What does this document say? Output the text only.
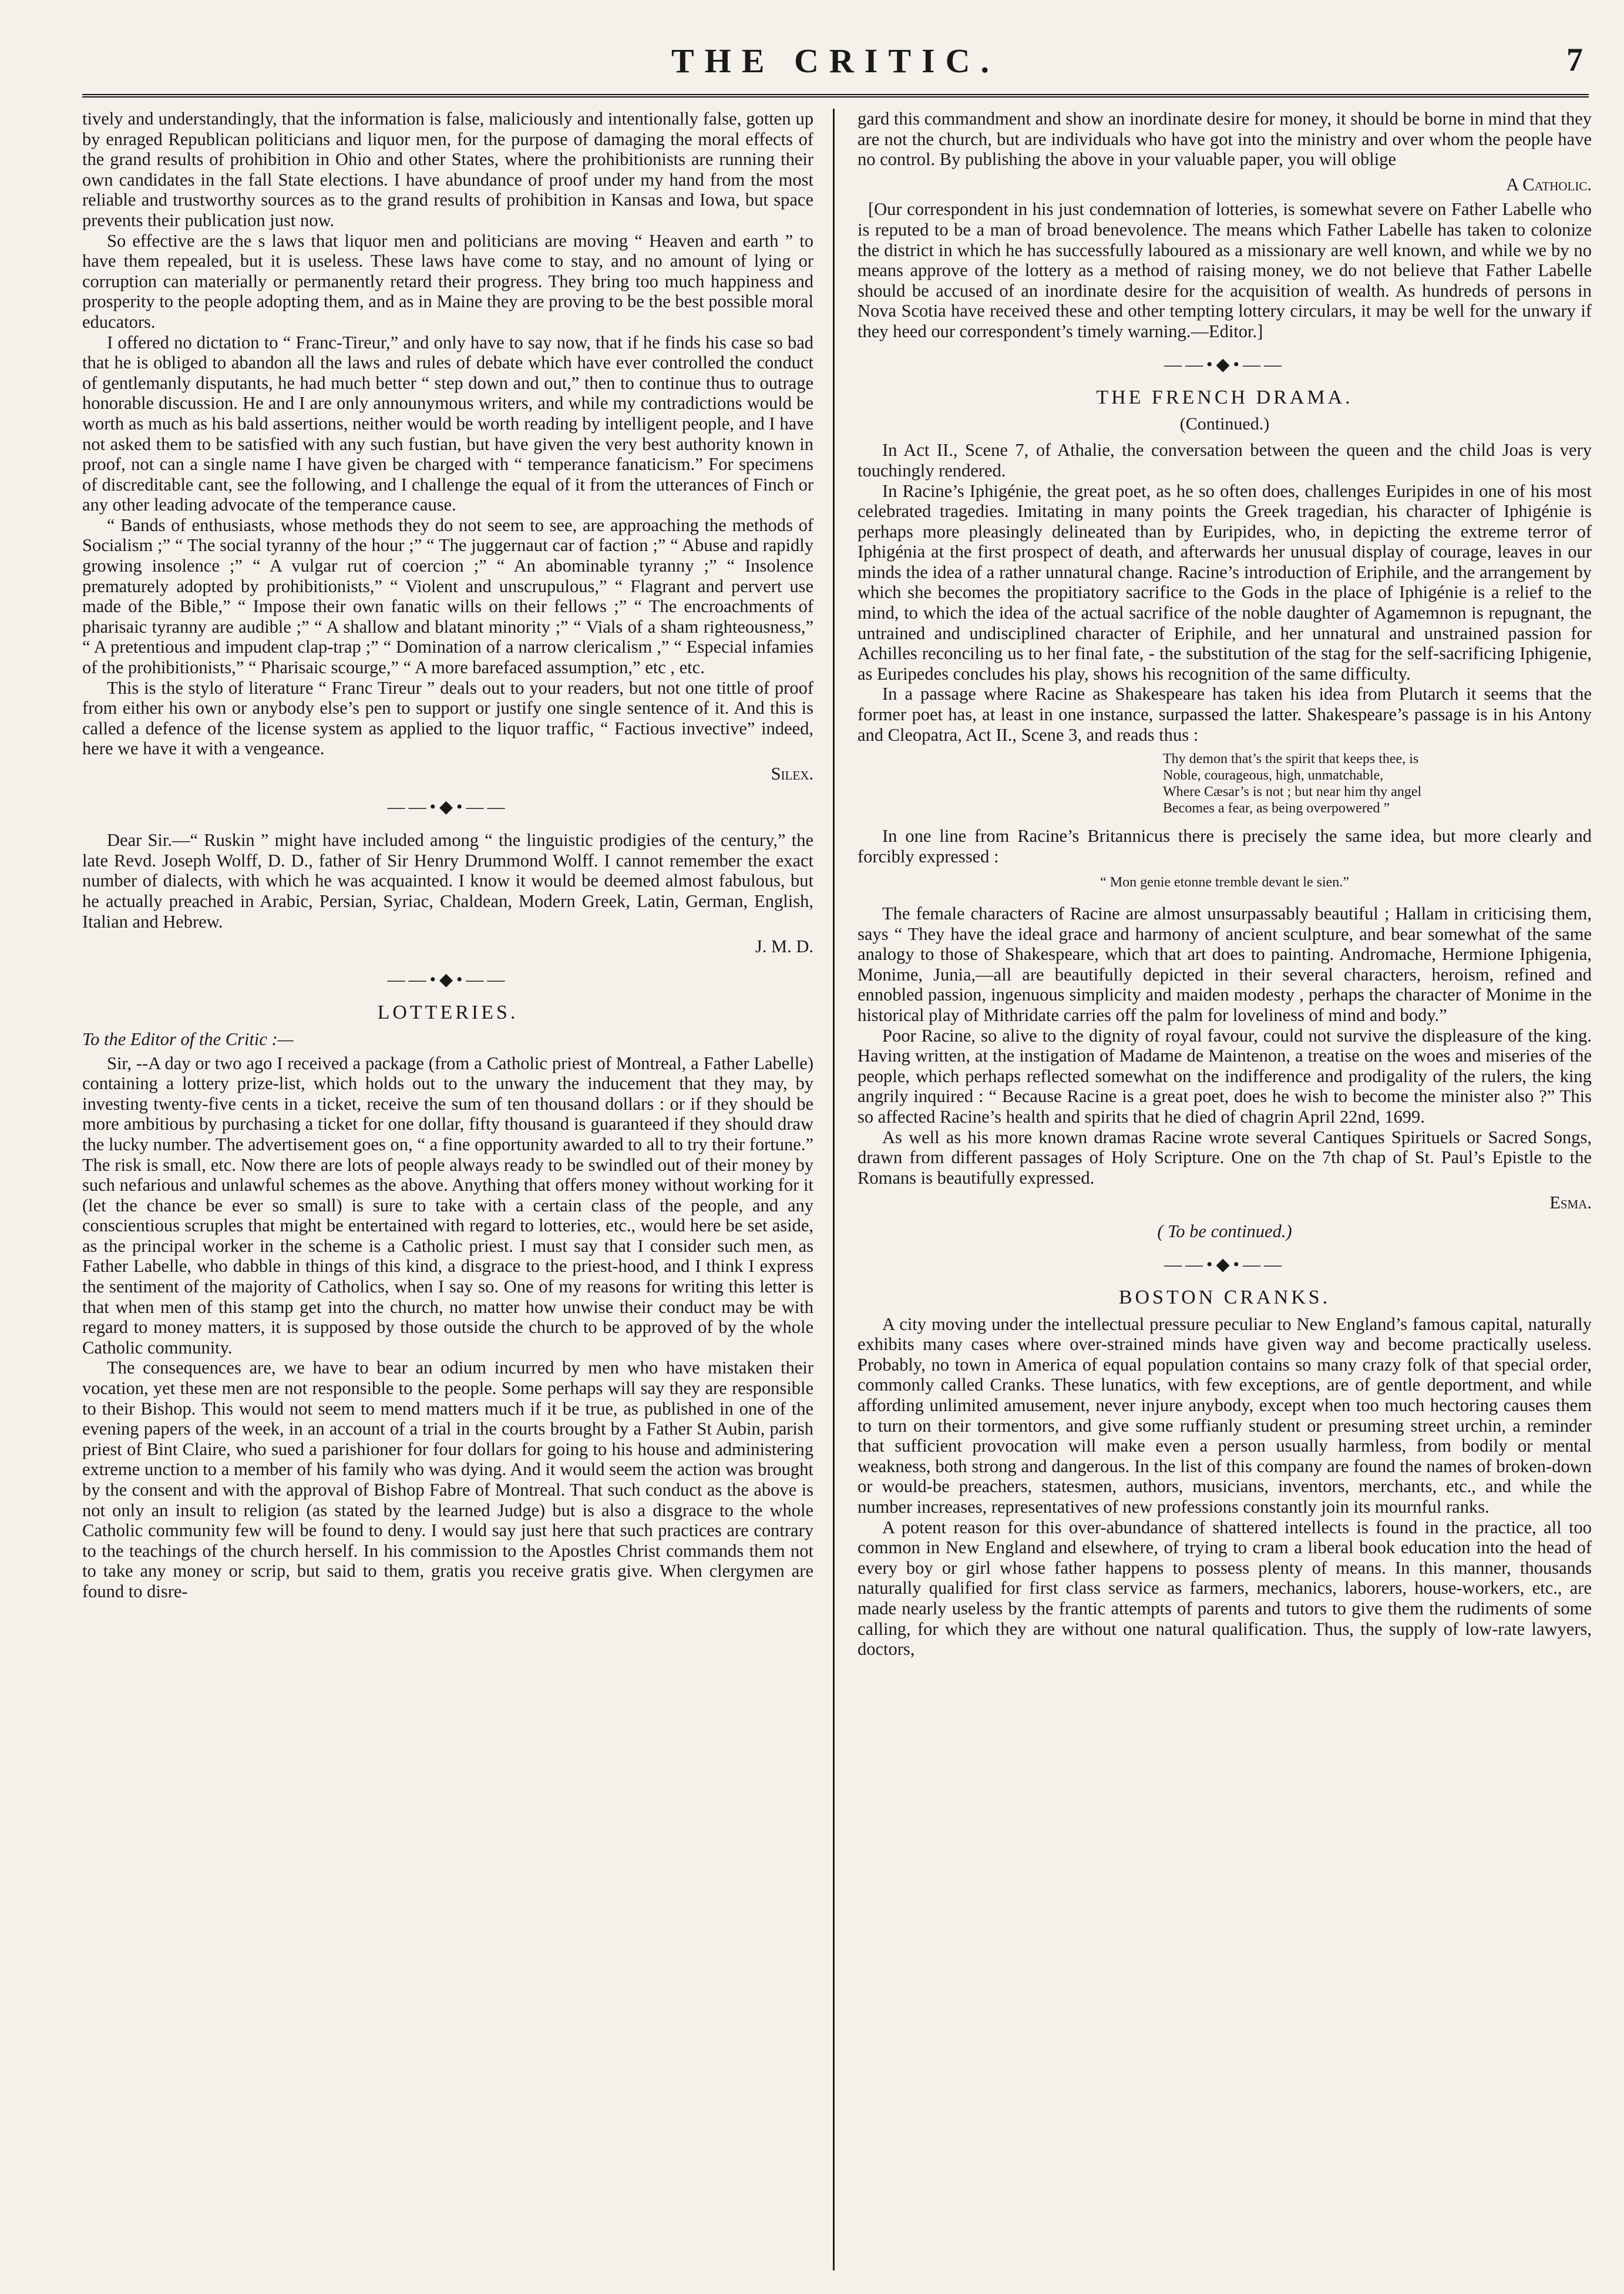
THE CRITIC.	7

tively and understandingly, that the information is false, maliciously and intentionally false, gotten up by enraged Republican politicians and liquor men, for the purpose of damaging the moral effects of the grand results of prohibition in Ohio and other States, where the prohibitionists are running their own candidates in the fall State elections. I have abundance of proof under my hand from the most reliable and trustworthy sources as to the grand results of prohibition in Kansas and Iowa, but space prevents their publication just now.

So effective are the s laws that liquor men and politicians are moving “ Heaven and earth ” to have them repealed, but it is useless. These laws have come to stay, and no amount of lying or corruption can materially or permanently retard their progress. They bring too much happiness and prosperity to the people adopting them, and as in Maine they are proving to be the best possible moral educators.

I offered no dictation to “ Franc-Tireur,” and only have to say now, that if he finds his case so bad that he is obliged to abandon all the laws and rules of debate which have ever controlled the conduct of gentlemanly disputants, he had much better “ step down and out,” then to continue thus to outrage honorable discussion. He and I are only announymous writers, and while my contradictions would be worth as much as his bald assertions, neither would be worth reading by intelligent people, and I have not asked them to be satisfied with any such fustian, but have given the very best authority known in proof, not can a single name I have given be charged with “ temperance fanaticism.” For specimens of discreditable cant, see the following, and I challenge the equal of it from the utterances of Finch or any other leading advocate of the temperance cause.

“ Bands of enthusiasts, whose methods they do not seem to see, are approaching the methods of Socialism ;” “ The social tyranny of the hour ;” “ The juggernaut car of faction ;” “ Abuse and rapidly growing insolence ;” “ A vulgar rut of coercion ;” “ An abominable tyranny ;” “ Insolence prematurely adopted by prohibitionists,” “ Violent and unscrupulous,” “ Flagrant and pervert use made of the Bible,” “ Impose their own fanatic wills on their fellows ;” “ The encroachments of pharisaic tyranny are audible ;” “ A shallow and blatant minority ;” “ Vials of a sham righteousness,” “ A pretentious and impudent clap-trap ;” “ Domination of a narrow clericalism ,” “ Especial infamies of the prohibitionists,” “ Pharisaic scourge,” “ A more barefaced assumption,” etc , etc.

This is the stylo of literature “ Franc Tireur ” deals out to your readers, but not one tittle of proof from either his own or anybody else’s pen to support or justify one single sentence of it. And this is called a defence of the license system as applied to the liquor traffic, “ Factious invective” indeed, here we have it with a vengeance.

Silex.
——•◆•——

Dear Sir.—“ Ruskin ” might have included among “ the linguistic prodigies of the century,” the late Revd. Joseph Wolff, D. D., father of Sir Henry Drummond Wolff. I cannot remember the exact number of dialects, with which he was acquainted. I know it would be deemed almost fabulous, but he actually preached in Arabic, Persian, Syriac, Chaldean, Modern Greek, Latin, German, English, Italian and Hebrew.

J. M. D.
——•◆•——
LOTTERIES.

To the Editor of the Critic :—

Sir, --A day or two ago I received a package (from a Catholic priest of Montreal, a Father Labelle) containing a lottery prize-list, which holds out to the unwary the inducement that they may, by investing twenty-five cents in a ticket, receive the sum of ten thousand dollars : or if they should be more ambitious by purchasing a ticket for one dollar, fifty thousand is guaranteed if they should draw the lucky number. The advertisement goes on, “ a fine opportunity awarded to all to try their fortune.” The risk is small, etc. Now there are lots of people always ready to be swindled out of their money by such nefarious and unlawful schemes as the above. Anything that offers money without working for it (let the chance be ever so small) is sure to take with a certain class of the people, and any conscientious scruples that might be entertained with regard to lotteries, etc., would here be set aside, as the principal worker in the scheme is a Catholic priest. I must say that I consider such men, as Father Labelle, who dabble in things of this kind, a disgrace to the priest-hood, and I think I express the sentiment of the majority of Catholics, when I say so. One of my reasons for writing this letter is that when men of this stamp get into the church, no matter how unwise their conduct may be with regard to money matters, it is supposed by those outside the church to be approved of by the whole Catholic community.

The consequences are, we have to bear an odium incurred by men who have mistaken their vocation, yet these men are not responsible to the people. Some perhaps will say they are responsible to their Bishop. This would not seem to mend matters much if it be true, as published in one of the evening papers of the week, in an account of a trial in the courts brought by a Father St Aubin, parish priest of Bint Claire, who sued a parishioner for four dollars for going to his house and administering extreme unction to a member of his family who was dying. And it would seem the action was brought by the consent and with the approval of Bishop Fabre of Montreal. That such conduct as the above is not only an insult to religion (as stated by the learned Judge) but is also a disgrace to the whole Catholic community few will be found to deny. I would say just here that such practices are contrary to the teachings of the church herself. In his commission to the Apostles Christ commands them not to take any money or scrip, but said to them, gratis you receive gratis give. When clergymen are found to disre-

gard this commandment and show an inordinate desire for money, it should be borne in mind that they are not the church, but are individuals who have got into the ministry and over whom the people have no control. By publishing the above in your valuable paper, you will oblige

A Catholic.

[Our correspondent in his just condemnation of lotteries, is somewhat severe on Father Labelle who is reputed to be a man of broad benevolence. The means which Father Labelle has taken to colonize the district in which he has successfully laboured as a missionary are well known, and while we by no means approve of the lottery as a method of raising money, we do not believe that Father Labelle should be accused of an inordinate desire for the acquisition of wealth. As hundreds of persons in Nova Scotia have received these and other tempting lottery circulars, it may be well for the unwary if they heed our correspondent’s timely warning.—Editor.]

——•◆•——
THE FRENCH DRAMA.
(Continued.)

In Act II., Scene 7, of Athalie, the conversation between the queen and the child Joas is very touchingly rendered.

In Racine’s Iphigénie, the great poet, as he so often does, challenges Euripides in one of his most celebrated tragedies. Imitating in many points the Greek tragedian, his character of Iphigénie is perhaps more pleasingly delineated than by Euripides, who, in depicting the extreme terror of Iphigénia at the first prospect of death, and afterwards her unusual display of courage, leaves in our minds the idea of a rather unnatural change. Racine’s introduction of Eriphile, and the arrangement by which she becomes the propitiatory sacrifice to the Gods in the place of Iphigénie is a relief to the mind, to which the idea of the actual sacrifice of the noble daughter of Agamemnon is repugnant, the untrained and undisciplined character of Eriphile, and her unnatural and unstrained passion for Achilles reconciling us to her final fate, - the substitution of the stag for the self-sacrificing Iphigenie, as Euripedes concludes his play, shows his recognition of the same difficulty.

In a passage where Racine as Shakespeare has taken his idea from Plutarch it seems that the former poet has, at least in one instance, surpassed the latter. Shakespeare’s passage is in his Antony and Cleopatra, Act II., Scene 3, and reads thus :

Thy demon that’s the spirit that keeps thee, is
Noble, courageous, high, unmatchable,
Where Cæsar’s is not ; but near him thy angel
Becomes a fear, as being overpowered ”

In one line from Racine’s Britannicus there is precisely the same idea, but more clearly and forcibly expressed :

“ Mon genie etonne tremble devant le sien.”

The female characters of Racine are almost unsurpassably beautiful ; Hallam in criticising them, says “ They have the ideal grace and harmony of ancient sculpture, and bear somewhat of the same analogy to those of Shakespeare, which that art does to painting. Andromache, Hermione Iphigenia, Monime, Junia,—all are beautifully depicted in their several characters, heroism, refined and ennobled passion, ingenuous simplicity and maiden modesty , perhaps the character of Monime in the historical play of Mithridate carries off the palm for loveliness of mind and body.”

Poor Racine, so alive to the dignity of royal favour, could not survive the displeasure of the king. Having written, at the instigation of Madame de Maintenon, a treatise on the woes and miseries of the people, which perhaps reflected somewhat on the indifference and prodigality of the rulers, the king angrily inquired : “ Because Racine is a great poet, does he wish to become the minister also ?” This so affected Racine’s health and spirits that he died of chagrin April 22nd, 1699.

As well as his more known dramas Racine wrote several Cantiques Spirituels or Sacred Songs, drawn from different passages of Holy Scripture. One on the 7th chap of St. Paul’s Epistle to the Romans is beautifully expressed.

Esma.
( To be continued.)
——•◆•——
BOSTON CRANKS.

A city moving under the intellectual pressure peculiar to New England’s famous capital, naturally exhibits many cases where over-strained minds have given way and become practically useless. Probably, no town in America of equal population contains so many crazy folk of that special order, commonly called Cranks. These lunatics, with few exceptions, are of gentle deportment, and while affording unlimited amusement, never injure anybody, except when too much hectoring causes them to turn on their tormentors, and give some ruffianly student or presuming street urchin, a reminder that sufficient provocation will make even a person usually harmless, from bodily or mental weakness, both strong and dangerous. In the list of this company are found the names of broken-down or would-be preachers, statesmen, authors, musicians, inventors, merchants, etc., and while the number increases, representatives of new professions constantly join its mournful ranks.

A potent reason for this over-abundance of shattered intellects is found in the practice, all too common in New England and elsewhere, of trying to cram a liberal book education into the head of every boy or girl whose father happens to possess plenty of means. In this manner, thousands naturally qualified for first class service as farmers, mechanics, laborers, house-workers, etc., are made nearly useless by the frantic attempts of parents and tutors to give them the rudiments of some calling, for which they are without one natural qualification. Thus, the supply of low-rate lawyers, doctors,
